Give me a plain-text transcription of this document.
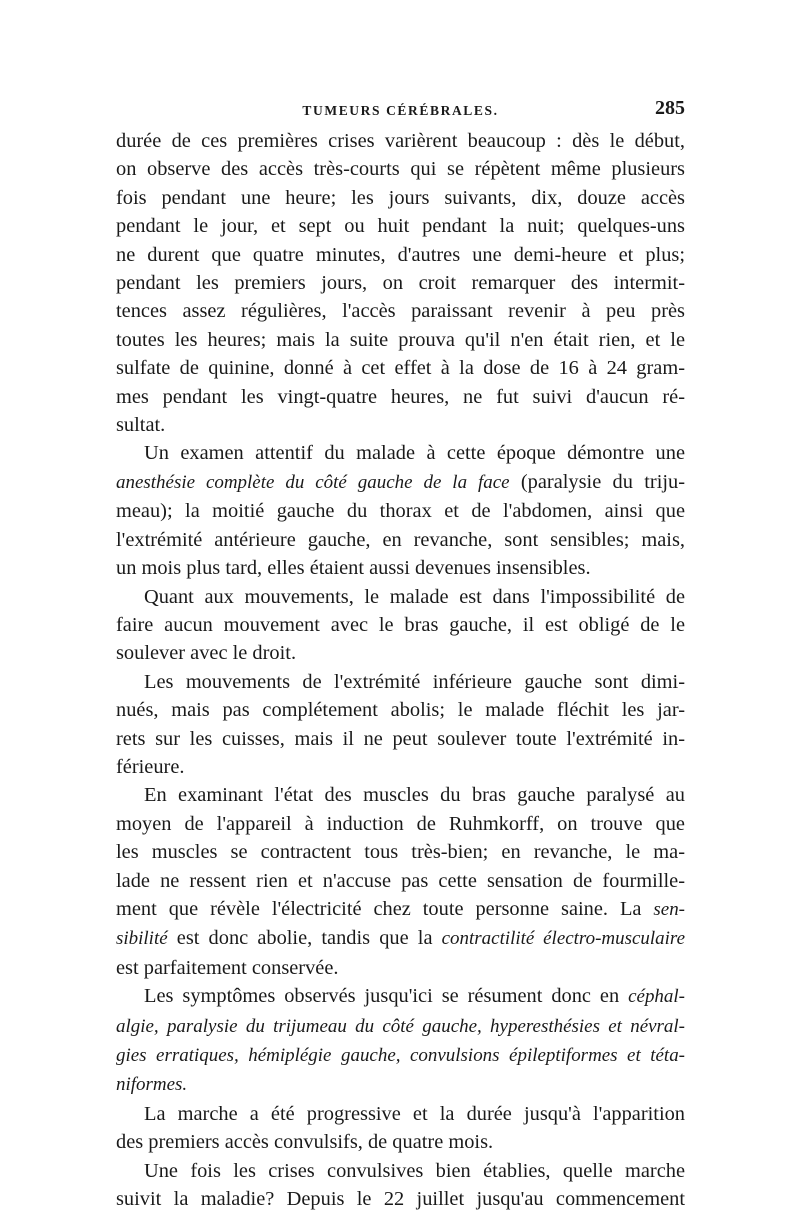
TUMEURS CÉRÉBRALES.	285
durée de ces premières crises varièrent beaucoup : dès le début,
on observe des accès très-courts qui se répètent même plusieurs
fois pendant une heure; les jours suivants, dix, douze accès
pendant le jour, et sept ou huit pendant la nuit; quelques-uns
ne durent que quatre minutes, d'autres une demi-heure et plus;
pendant les premiers jours, on croit remarquer des intermit-
tences assez régulières, l'accès paraissant revenir à peu près
toutes les heures; mais la suite prouva qu'il n'en était rien, et le
sulfate de quinine, donné à cet effet à la dose de 16 à 24 gram-
mes pendant les vingt-quatre heures, ne fut suivi d'aucun ré-
sultat.
Un examen attentif du malade à cette époque démontre une
anesthésie complète du côté gauche de la face (paralysie du triju-
meau); la moitié gauche du thorax et de l'abdomen, ainsi que
l'extrémité antérieure gauche, en revanche, sont sensibles; mais,
un mois plus tard, elles étaient aussi devenues insensibles.
Quant aux mouvements, le malade est dans l'impossibilité de
faire aucun mouvement avec le bras gauche, il est obligé de le
soulever avec le droit.
Les mouvements de l'extrémité inférieure gauche sont dimi-
nués, mais pas complétement abolis; le malade fléchit les jar-
rets sur les cuisses, mais il ne peut soulever toute l'extrémité in-
férieure.
En examinant l'état des muscles du bras gauche paralysé au
moyen de l'appareil à induction de Ruhmkorff, on trouve que
les muscles se contractent tous très-bien; en revanche, le ma-
lade ne ressent rien et n'accuse pas cette sensation de fourmille-
ment que révèle l'électricité chez toute personne saine. La sen-
sibilité est donc abolie, tandis que la contractilité électro-musculaire
est parfaitement conservée.
Les symptômes observés jusqu'ici se résument donc en céphal-
algie, paralysie du trijumeau du côté gauche, hyperesthésies et névral-
gies erratiques, hémiplégie gauche, convulsions épileptiformes et téta-
niformes.
La marche a été progressive et la durée jusqu'à l'apparition
des premiers accès convulsifs, de quatre mois.
Une fois les crises convulsives bien établies, quelle marche
suivit la maladie? Depuis le 22 juillet jusqu'au commencement
